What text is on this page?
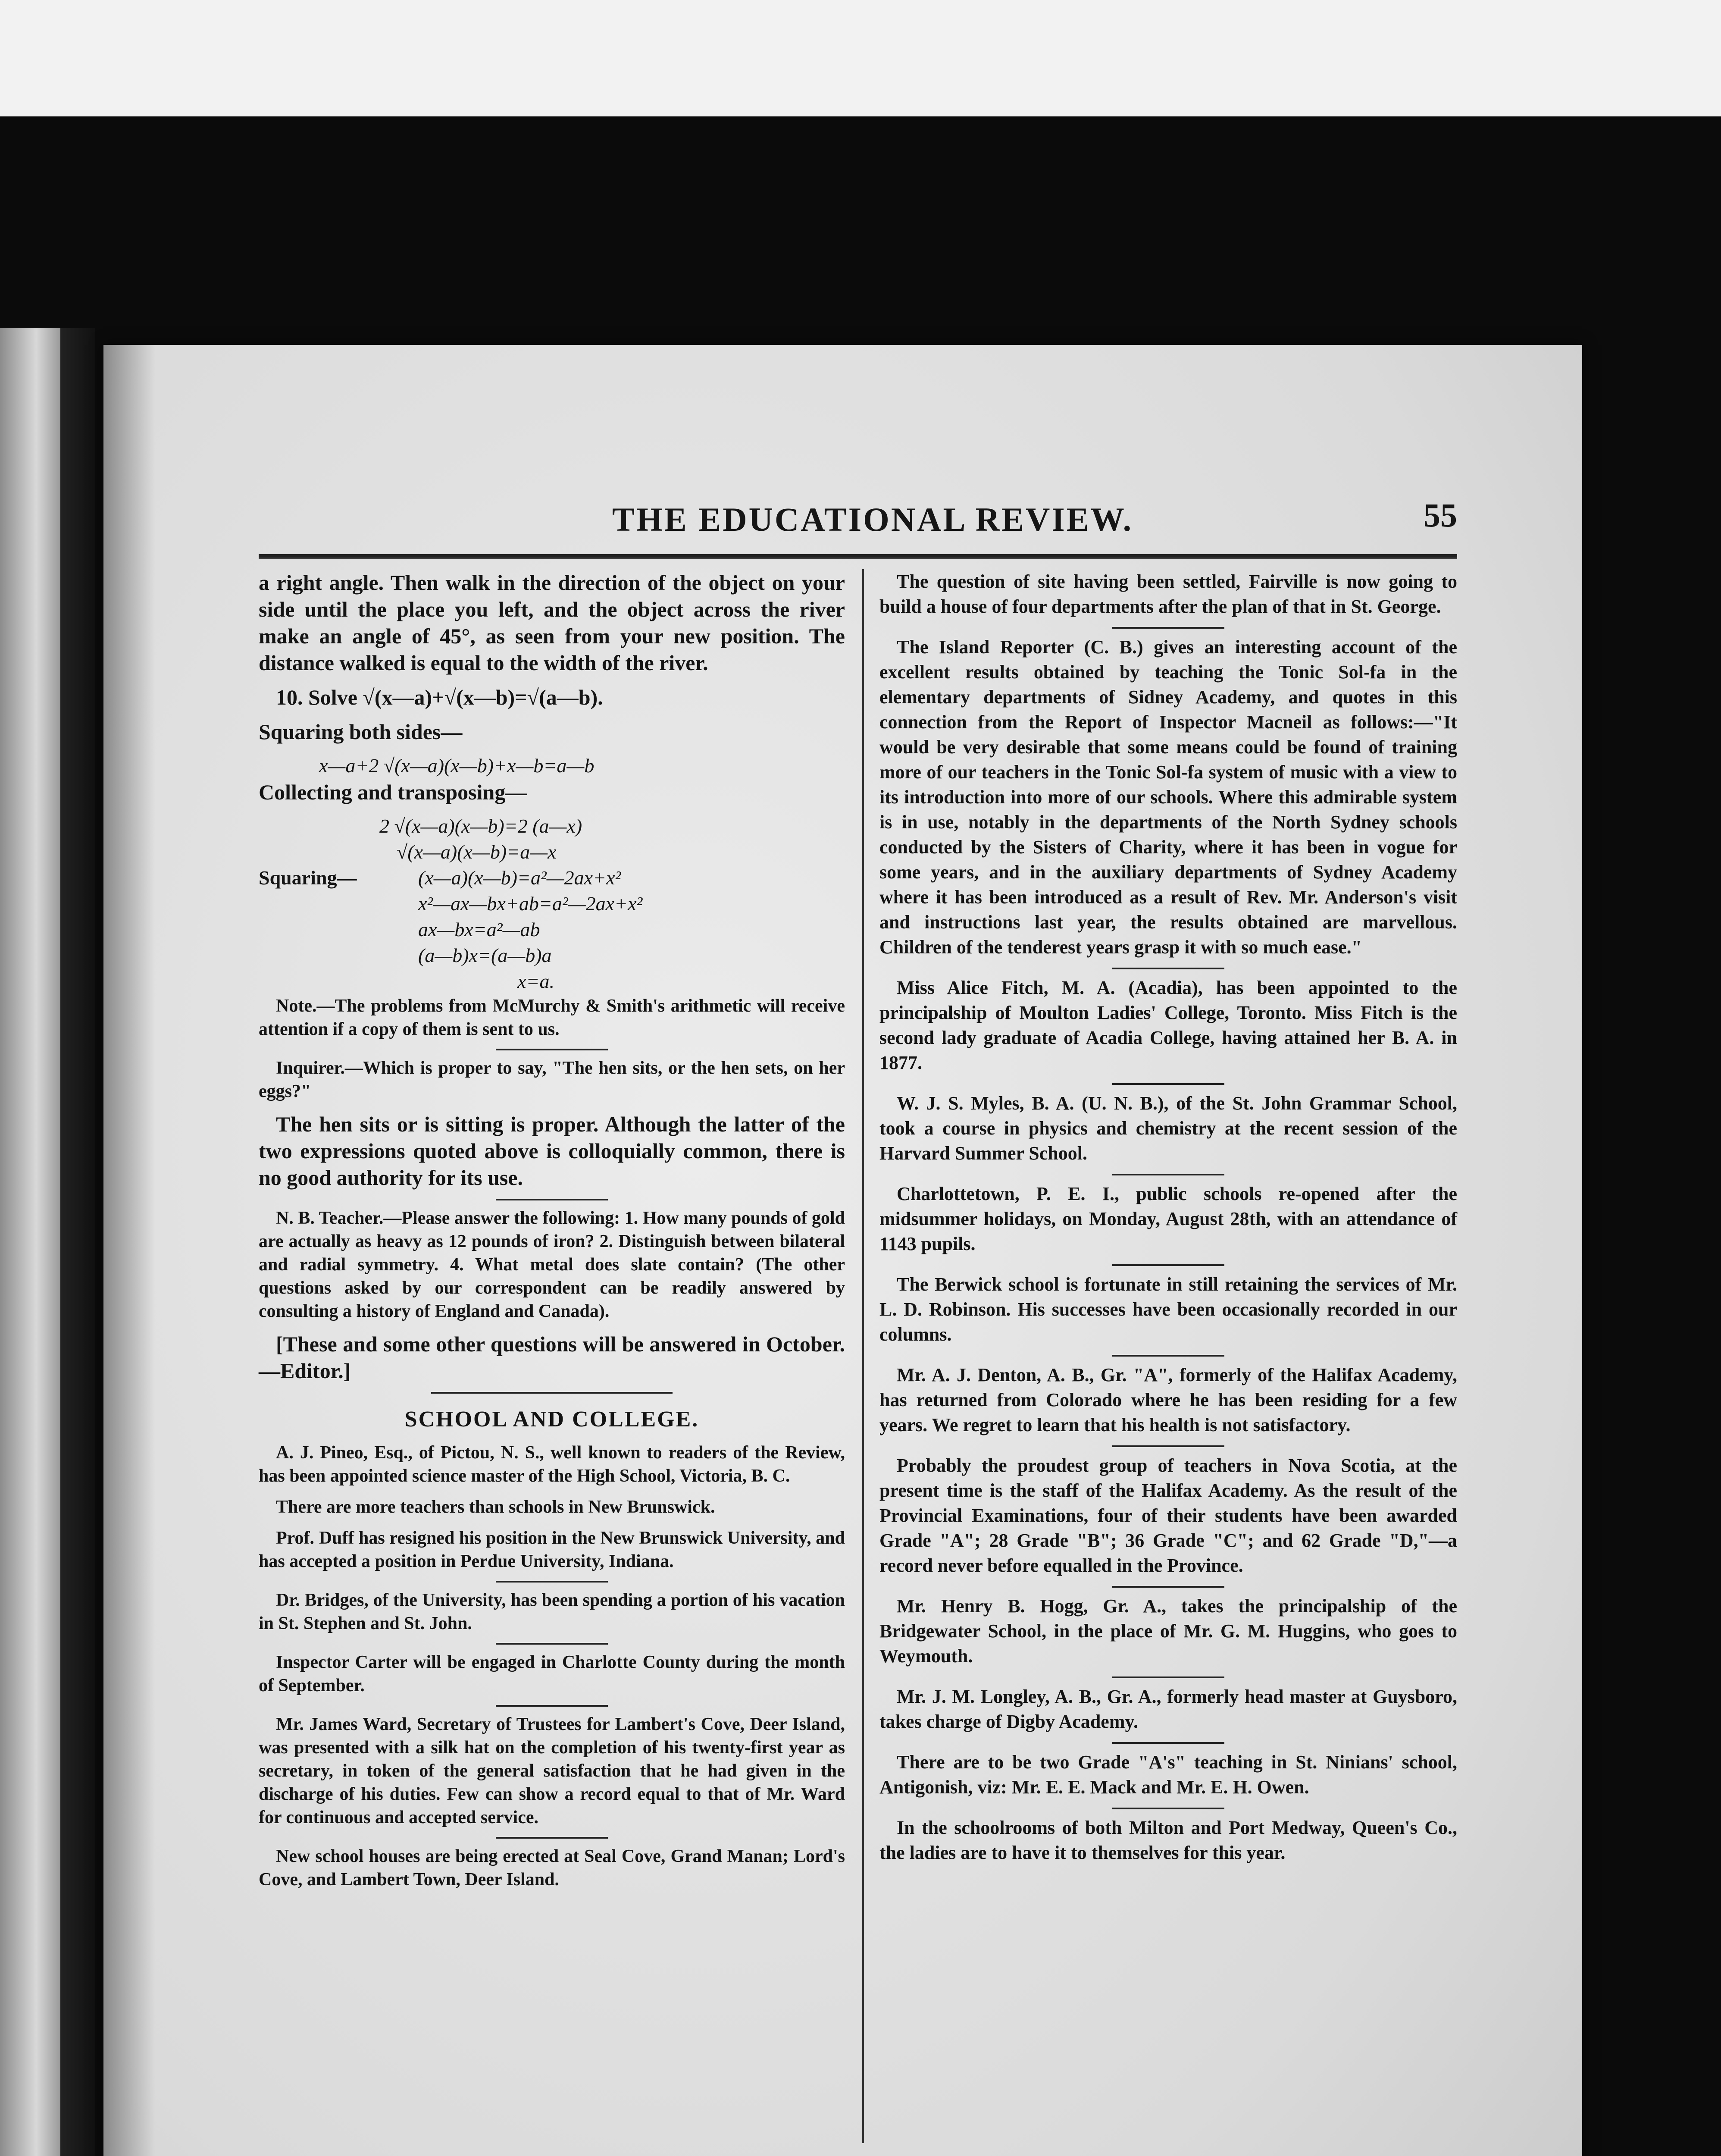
THE EDUCATIONAL REVIEW.	55

a right angle. Then walk in the direction of the object on your side until the place you left, and the object across the river make an angle of 45°, as seen from your new position. The distance walked is equal to the width of the river.

10. Solve √(x—a)+√(x—b)=√(a—b).

Squaring both sides—

x—a+2 √(x—a)(x—b)+x—b=a—b

Collecting and transposing—

2 √(x—a)(x—b)=2 (a—x)

√(x—a)(x—b)=a—x

Squaring—	(x—a)(x—b)=a²—2ax+x²

x²—ax—bx+ab=a²—2ax+x²

ax—bx=a²—ab

(a—b)x=(a—b)a

x=a.

Note.—The problems from McMurchy & Smith's arithmetic will receive attention if a copy of them is sent to us.

Inquirer.—Which is proper to say, "The hen sits, or the hen sets, on her eggs?"

The hen sits or is sitting is proper. Although the latter of the two expressions quoted above is colloquially common, there is no good authority for its use.

N. B. Teacher.—Please answer the following: 1. How many pounds of gold are actually as heavy as 12 pounds of iron? 2. Distinguish between bilateral and radial symmetry. 4. What metal does slate contain? (The other questions asked by our correspondent can be readily answered by consulting a history of England and Canada).

[These and some other questions will be answered in October.—Editor.]

SCHOOL AND COLLEGE.

A. J. Pineo, Esq., of Pictou, N. S., well known to readers of the Review, has been appointed science master of the High School, Victoria, B. C.

There are more teachers than schools in New Brunswick.

Prof. Duff has resigned his position in the New Brunswick University, and has accepted a position in Perdue University, Indiana.

Dr. Bridges, of the University, has been spending a portion of his vacation in St. Stephen and St. John.

Inspector Carter will be engaged in Charlotte County during the month of September.

Mr. James Ward, Secretary of Trustees for Lambert's Cove, Deer Island, was presented with a silk hat on the completion of his twenty-first year as secretary, in token of the general satisfaction that he had given in the discharge of his duties. Few can show a record equal to that of Mr. Ward for continuous and accepted service.

New school houses are being erected at Seal Cove, Grand Manan; Lord's Cove, and Lambert Town, Deer Island.

The question of site having been settled, Fairville is now going to build a house of four departments after the plan of that in St. George.

The Island Reporter (C. B.) gives an interesting account of the excellent results obtained by teaching the Tonic Sol-fa in the elementary departments of Sidney Academy, and quotes in this connection from the Report of Inspector Macneil as follows:—"It would be very desirable that some means could be found of training more of our teachers in the Tonic Sol-fa system of music with a view to its introduction into more of our schools. Where this admirable system is in use, notably in the departments of the North Sydney schools conducted by the Sisters of Charity, where it has been in vogue for some years, and in the auxiliary departments of Sydney Academy where it has been introduced as a result of Rev. Mr. Anderson's visit and instructions last year, the results obtained are marvellous. Children of the tenderest years grasp it with so much ease."

Miss Alice Fitch, M. A. (Acadia), has been appointed to the principalship of Moulton Ladies' College, Toronto. Miss Fitch is the second lady graduate of Acadia College, having attained her B. A. in 1877.

W. J. S. Myles, B. A. (U. N. B.), of the St. John Grammar School, took a course in physics and chemistry at the recent session of the Harvard Summer School.

Charlottetown, P. E. I., public schools re-opened after the midsummer holidays, on Monday, August 28th, with an attendance of 1143 pupils.

The Berwick school is fortunate in still retaining the services of Mr. L. D. Robinson. His successes have been occasionally recorded in our columns.

Mr. A. J. Denton, A. B., Gr. "A", formerly of the Halifax Academy, has returned from Colorado where he has been residing for a few years. We regret to learn that his health is not satisfactory.

Probably the proudest group of teachers in Nova Scotia, at the present time is the staff of the Halifax Academy. As the result of the Provincial Examinations, four of their students have been awarded Grade "A"; 28 Grade "B"; 36 Grade "C"; and 62 Grade "D,"—a record never before equalled in the Province.

Mr. Henry B. Hogg, Gr. A., takes the principalship of the Bridgewater School, in the place of Mr. G. M. Huggins, who goes to Weymouth.

Mr. J. M. Longley, A. B., Gr. A., formerly head master at Guysboro, takes charge of Digby Academy.

There are to be two Grade "A's" teaching in St. Ninians' school, Antigonish, viz: Mr. E. E. Mack and Mr. E. H. Owen.

In the schoolrooms of both Milton and Port Medway, Queen's Co., the ladies are to have it to themselves for this year.
